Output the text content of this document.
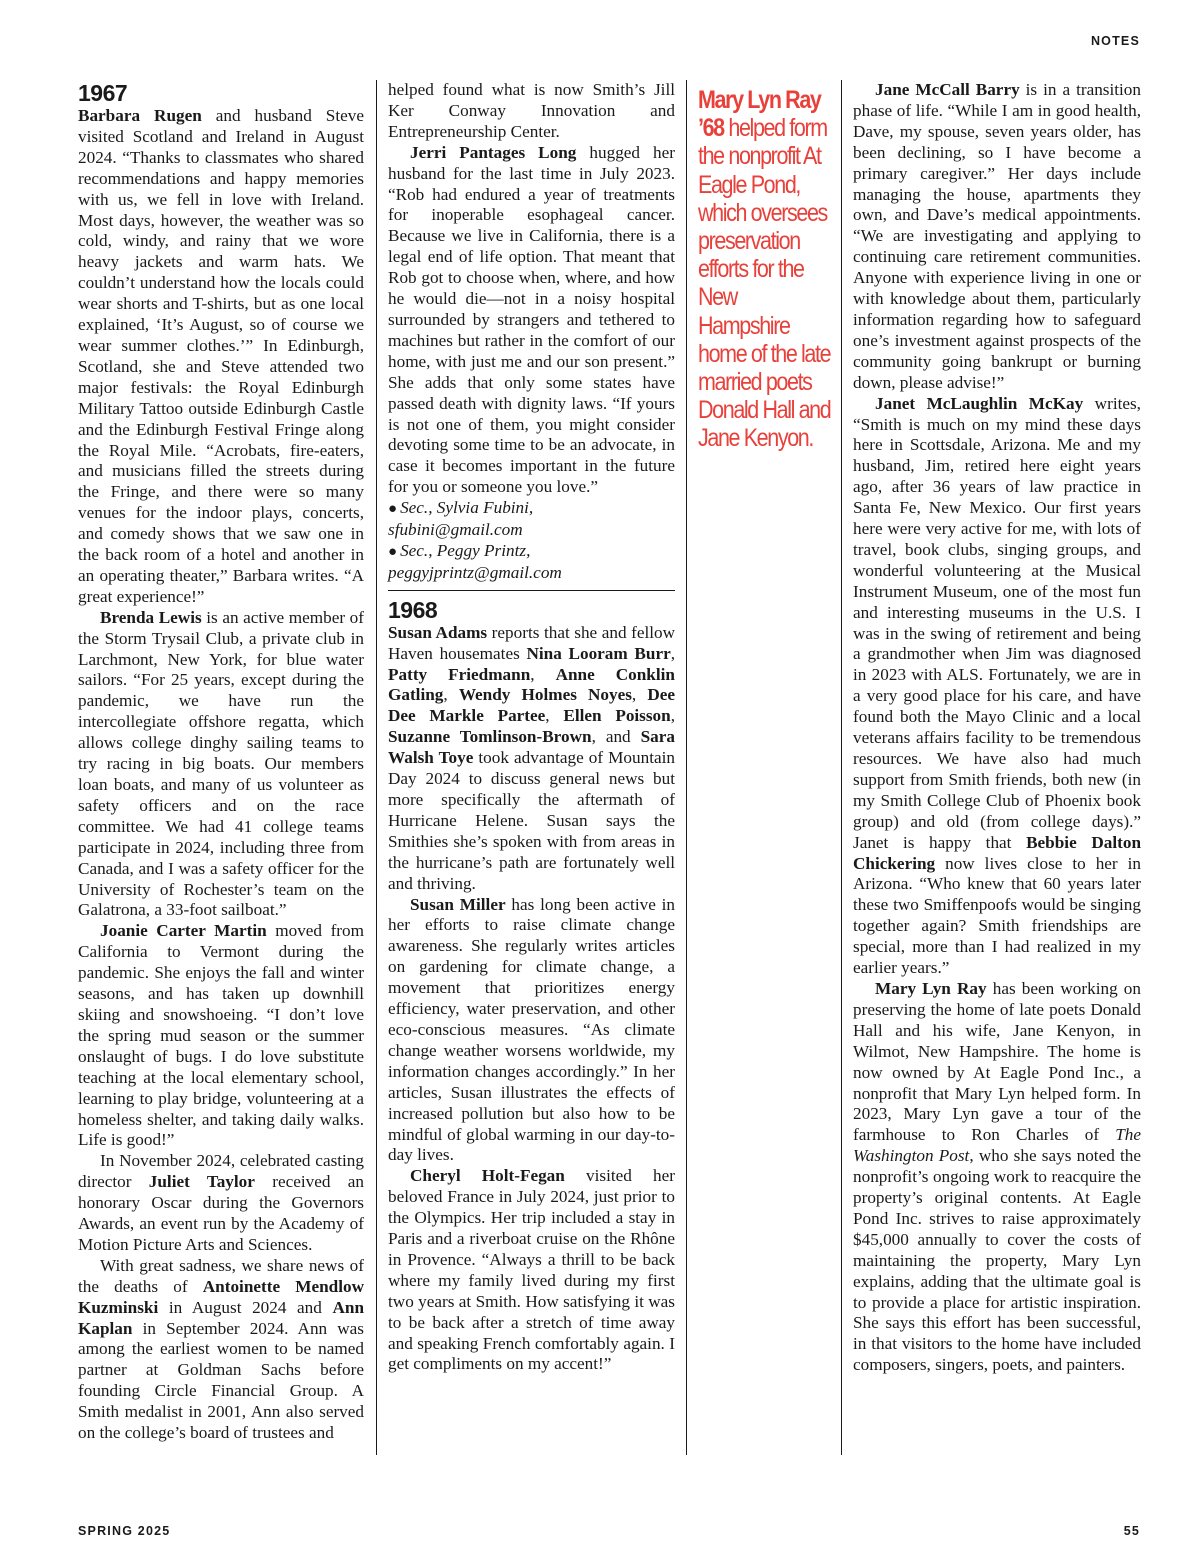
NOTES
1967

Barbara Rugen and husband Steve visited Scotland and Ireland in August 2024. “Thanks to classmates who shared recommendations and happy memories with us, we fell in love with Ireland. Most days, however, the weather was so cold, windy, and rainy that we wore heavy jackets and warm hats. We couldn’t understand how the locals could wear shorts and T-shirts, but as one local explained, ‘It’s August, so of course we wear summer clothes.’” In Edinburgh, Scotland, she and Steve attended two major festivals: the Royal Edinburgh Military Tattoo outside Edinburgh Castle and the Edinburgh Festival Fringe along the Royal Mile. “Acrobats, fire-eaters, and musicians filled the streets during the Fringe, and there were so many venues for the indoor plays, concerts, and comedy shows that we saw one in the back room of a hotel and another in an operating theater,” Barbara writes. “A great experience!”

Brenda Lewis is an active member of the Storm Trysail Club, a private club in Larchmont, New York, for blue water sailors. “For 25 years, except during the pandemic, we have run the intercollegiate offshore regatta, which allows college dinghy sailing teams to try racing in big boats. Our members loan boats, and many of us volunteer as safety officers and on the race committee. We had 41 college teams participate in 2024, including three from Canada, and I was a safety officer for the University of Rochester’s team on the Galatrona, a 33-foot sailboat.”

Joanie Carter Martin moved from California to Vermont during the pandemic. She enjoys the fall and winter seasons, and has taken up downhill skiing and snowshoeing. “I don’t love the spring mud season or the summer onslaught of bugs. I do love substitute teaching at the local elementary school, learning to play bridge, volunteering at a homeless shelter, and taking daily walks. Life is good!”

In November 2024, celebrated casting director Juliet Taylor received an honorary Oscar during the Governors Awards, an event run by the Academy of Motion Picture Arts and Sciences.

With great sadness, we share news of the deaths of Antoinette Mendlow Kuzminski in August 2024 and Ann Kaplan in September 2024. Ann was among the earliest women to be named partner at Goldman Sachs before founding Circle Financial Group. A Smith medalist in 2001, Ann also served on the college’s board of trustees and

helped found what is now Smith’s Jill Ker Conway Innovation and Entrepreneurship Center.

Jerri Pantages Long hugged her husband for the last time in July 2023. “Rob had endured a year of treatments for inoperable esophageal cancer. Because we live in California, there is a legal end of life option. That meant that Rob got to choose when, where, and how he would die—not in a noisy hospital surrounded by strangers and tethered to machines but rather in the comfort of our home, with just me and our son present.” She adds that only some states have passed death with dignity laws. “If yours is not one of them, you might consider devoting some time to be an advocate, in case it becomes important in the future for you or someone you love.”

● Sec., Sylvia Fubini,
sfubini@gmail.com
● Sec., Peggy Printz,
peggyjprintz@gmail.com
1968

Susan Adams reports that she and fellow Haven housemates Nina Looram Burr, Patty Friedmann, Anne Conklin Gatling, Wendy Holmes Noyes, Dee Dee Markle Partee, Ellen Poisson, Suzanne Tomlinson-Brown, and Sara Walsh Toye took advantage of Mountain Day 2024 to discuss general news but more specifically the aftermath of Hurricane Helene. Susan says the Smithies she’s spoken with from areas in the hurricane’s path are fortunately well and thriving.

Susan Miller has long been active in her efforts to raise climate change awareness. She regularly writes articles on gardening for climate change, a movement that prioritizes energy efficiency, water preservation, and other eco-conscious measures. “As climate change weather worsens worldwide, my information changes accordingly.” In her articles, Susan illustrates the effects of increased pollution but also how to be mindful of global warming in our day-to-day lives.

Cheryl Holt-Fegan visited her beloved France in July 2024, just prior to the Olympics. Her trip included a stay in Paris and a riverboat cruise on the Rhône in Provence. “Always a thrill to be back where my family lived during my first two years at Smith. How satisfying it was to be back after a stretch of time away and speaking French comfortably again. I get compliments on my accent!”

Mary Lyn Ray
’68 helped form the nonprofit At Eagle Pond, which oversees preservation efforts for the New Hampshire home of the late married poets Donald Hall and Jane Kenyon.

Jane McCall Barry is in a transition phase of life. “While I am in good health, Dave, my spouse, seven years older, has been declining, so I have become a primary caregiver.” Her days include managing the house, apartments they own, and Dave’s medical appointments. “We are investigating and applying to continuing care retirement communities. Anyone with experience living in one or with knowledge about them, particularly information regarding how to safeguard one’s investment against prospects of the community going bankrupt or burning down, please advise!”

Janet McLaughlin McKay writes, “Smith is much on my mind these days here in Scottsdale, Arizona. Me and my husband, Jim, retired here eight years ago, after 36 years of law practice in Santa Fe, New Mexico. Our first years here were very active for me, with lots of travel, book clubs, singing groups, and wonderful volunteering at the Musical Instrument Museum, one of the most fun and interesting museums in the U.S. I was in the swing of retirement and being a grandmother when Jim was diagnosed in 2023 with ALS. Fortunately, we are in a very good place for his care, and have found both the Mayo Clinic and a local veterans affairs facility to be tremendous resources. We have also had much support from Smith friends, both new (in my Smith College Club of Phoenix book group) and old (from college days).” Janet is happy that Bebbie Dalton Chickering now lives close to her in Arizona. “Who knew that 60 years later these two Smiffenpoofs would be singing together again? Smith friendships are special, more than I had realized in my earlier years.”

Mary Lyn Ray has been working on preserving the home of late poets Donald Hall and his wife, Jane Kenyon, in Wilmot, New Hampshire. The home is now owned by At Eagle Pond Inc., a nonprofit that Mary Lyn helped form. In 2023, Mary Lyn gave a tour of the farmhouse to Ron Charles of The Washington Post, who she says noted the nonprofit’s ongoing work to reacquire the property’s original contents. At Eagle Pond Inc. strives to raise approximately $45,000 annually to cover the costs of maintaining the property, Mary Lyn explains, adding that the ultimate goal is to provide a place for artistic inspiration. She says this effort has been successful, in that visitors to the home have included composers, singers, poets, and painters.

SPRING 2025	55
